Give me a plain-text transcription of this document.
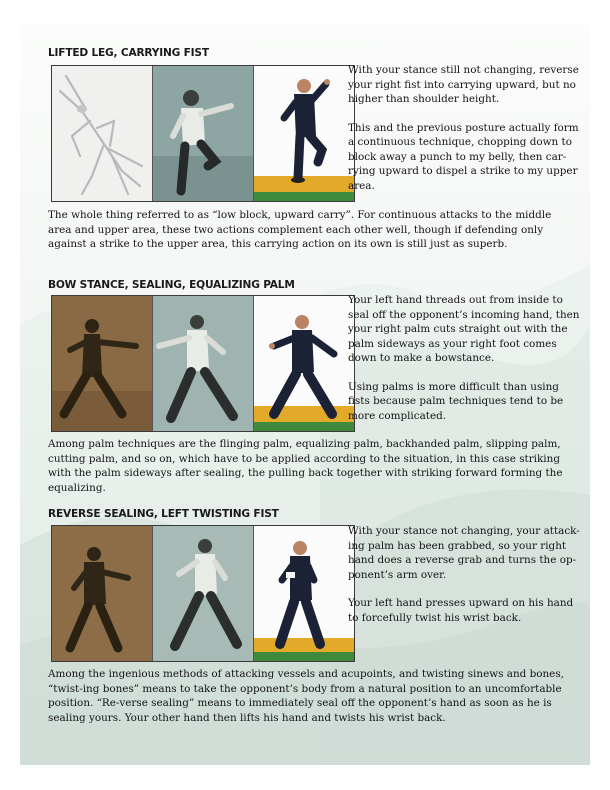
LIFTED LEG, CARRYING FIST

With your stance still not changing, reverse your right fist into carrying upward, but no higher than shoulder height.

This and the previous posture actually form a continuous technique, chopping down to block away a punch to my belly, then car-rying upward to dispel a strike to my upper area.

The whole thing referred to as “low block, upward carry”. For continuous attacks to the middle area and upper area, these two actions complement each other well, though if defending only against a strike to the upper area, this carrying action on its own is still just as superb.

BOW STANCE, SEALING, EQUALIZING PALM

Your left hand threads out from inside to seal off the opponent’s incoming hand, then your right palm cuts straight out with the palm sideways as your right foot comes down to make a bowstance.

Using palms is more difficult than using fists because palm techniques tend to be more complicated.

Among palm techniques are the flinging palm, equalizing palm, backhanded palm, slipping palm, cutting palm, and so on, which have to be applied according to the situation, in this case striking with the palm sideways after sealing, the pulling back together with striking forward forming the equalizing.

REVERSE SEALING, LEFT TWISTING FIST

With your stance not changing, your attack-ing palm has been grabbed, so your right hand does a reverse grab and turns the op-ponent’s arm over.

Your left hand presses upward on his hand to forcefully twist his wrist back.

Among the ingenious methods of attacking vessels and acupoints, and twisting sinews and bones, “twist-ing bones” means to take the opponent’s body from a natural position to an uncomfortable position. “Re-verse sealing” means to immediately seal off the opponent’s hand as soon as he is sealing yours. Your other hand then lifts his hand and twists his wrist back.
